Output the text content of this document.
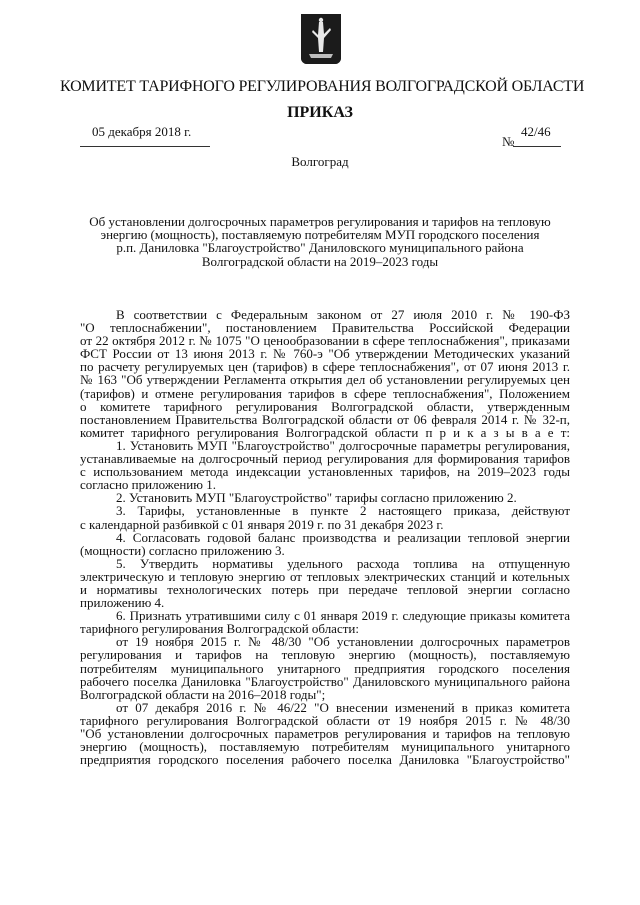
КОМИТЕТ ТАРИФНОГО РЕГУЛИРОВАНИЯ ВОЛГОГРАДСКОЙ ОБЛАСТИ
ПРИКАЗ
05 декабря 2018 г.
№
42/46
Волгоград
Об установлении долгосрочных параметров регулирования и тарифов на тепловую
энергию (мощность), поставляемую потребителям МУП городского поселения
р.п. Даниловка "Благоустройство" Даниловского муниципального района
Волгоградской области на 2019–2023 годы

В соответствии с Федеральным законом от 27 июля 2010 г. № 190-ФЗ

"О теплоснабжении", постановлением Правительства Российской Федерации

от 22 октября 2012 г. № 1075 "О ценообразовании в сфере теплоснабжения", приказами

ФСТ России от 13 июня 2013 г. № 760-э "Об утверждении Методических указаний

по расчету регулируемых цен (тарифов) в сфере теплоснабжения", от 07 июня 2013 г.

№ 163 "Об утверждении Регламента открытия дел об установлении регулируемых цен

(тарифов) и отмене регулирования тарифов в сфере теплоснабжения", Положением

о комитете тарифного регулирования Волгоградской области, утвержденным

постановлением Правительства Волгоградской области от 06 февраля 2014 г. № 32-п,

комитет тарифного регулирования Волгоградской области п р и к а з ы в а е т:

1. Установить МУП "Благоустройство" долгосрочные параметры регулирования,

устанавливаемые на долгосрочный период регулирования для формирования тарифов

с использованием метода индексации установленных тарифов, на 2019–2023 годы

согласно приложению 1.

2. Установить МУП "Благоустройство" тарифы согласно приложению 2.

3. Тарифы, установленные в пункте 2 настоящего приказа, действуют

с календарной разбивкой с 01 января 2019 г. по 31 декабря 2023 г.

4. Согласовать годовой баланс производства и реализации тепловой энергии

(мощности) согласно приложению 3.

5. Утвердить нормативы удельного расхода топлива на отпущенную

электрическую и тепловую энергию от тепловых электрических станций и котельных

и нормативы технологических потерь при передаче тепловой энергии согласно

приложению 4.

6. Признать утратившими силу с 01 января 2019 г. следующие приказы комитета

тарифного регулирования Волгоградской области:

от 19 ноября 2015 г. № 48/30 "Об установлении долгосрочных параметров

регулирования и тарифов на тепловую энергию (мощность), поставляемую

потребителям муниципального унитарного предприятия городского поселения

рабочего поселка Даниловка "Благоустройство" Даниловского муниципального района

Волгоградской области на 2016–2018 годы";

от 07 декабря 2016 г. № 46/22 "О внесении изменений в приказ комитета

тарифного регулирования Волгоградской области от 19 ноября 2015 г. № 48/30

"Об установлении долгосрочных параметров регулирования и тарифов на тепловую

энергию (мощность), поставляемую потребителям муниципального унитарного

предприятия городского поселения рабочего поселка Даниловка "Благоустройство"
